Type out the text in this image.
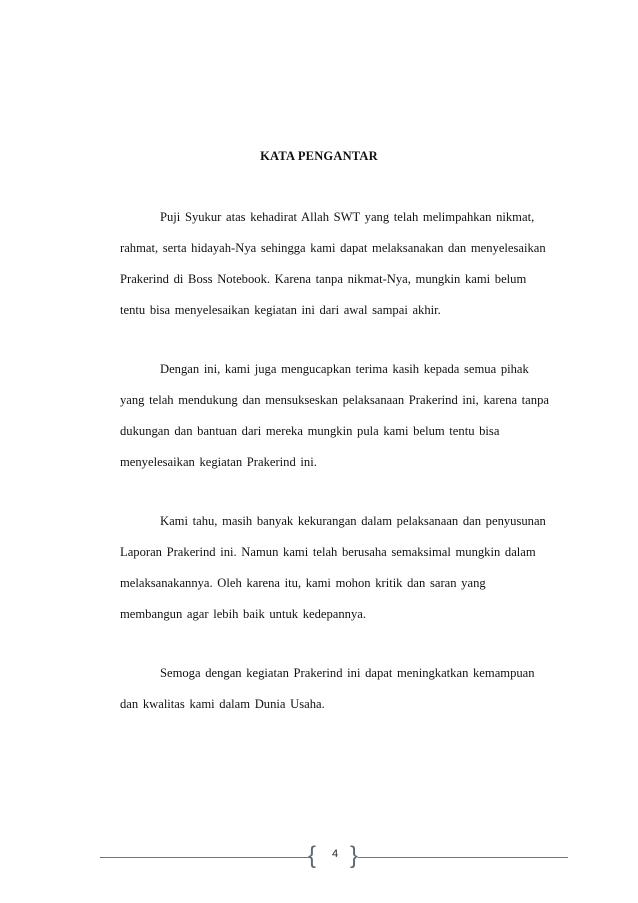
KATA PENGANTAR
Puji Syukur atas kehadirat Allah SWT yang telah melimpahkan nikmat,
rahmat, serta hidayah-Nya sehingga kami dapat melaksanakan dan menyelesaikan
Prakerind di Boss Notebook. Karena tanpa nikmat-Nya, mungkin kami belum
tentu bisa menyelesaikan kegiatan ini dari awal sampai akhir.
Dengan ini, kami juga mengucapkan terima kasih kepada semua pihak
yang telah mendukung dan mensukseskan pelaksanaan Prakerind ini, karena tanpa
dukungan dan bantuan dari mereka mungkin pula kami belum tentu bisa
menyelesaikan kegiatan Prakerind ini.
Kami tahu, masih banyak kekurangan dalam pelaksanaan dan penyusunan
Laporan Prakerind ini. Namun kami telah berusaha semaksimal mungkin dalam
melaksanakannya. Oleh karena itu, kami mohon kritik dan saran yang
membangun agar lebih baik untuk kedepannya.
Semoga dengan kegiatan Prakerind ini dapat meningkatkan kemampuan
dan kwalitas kami dalam Dunia Usaha.
{	4 }
